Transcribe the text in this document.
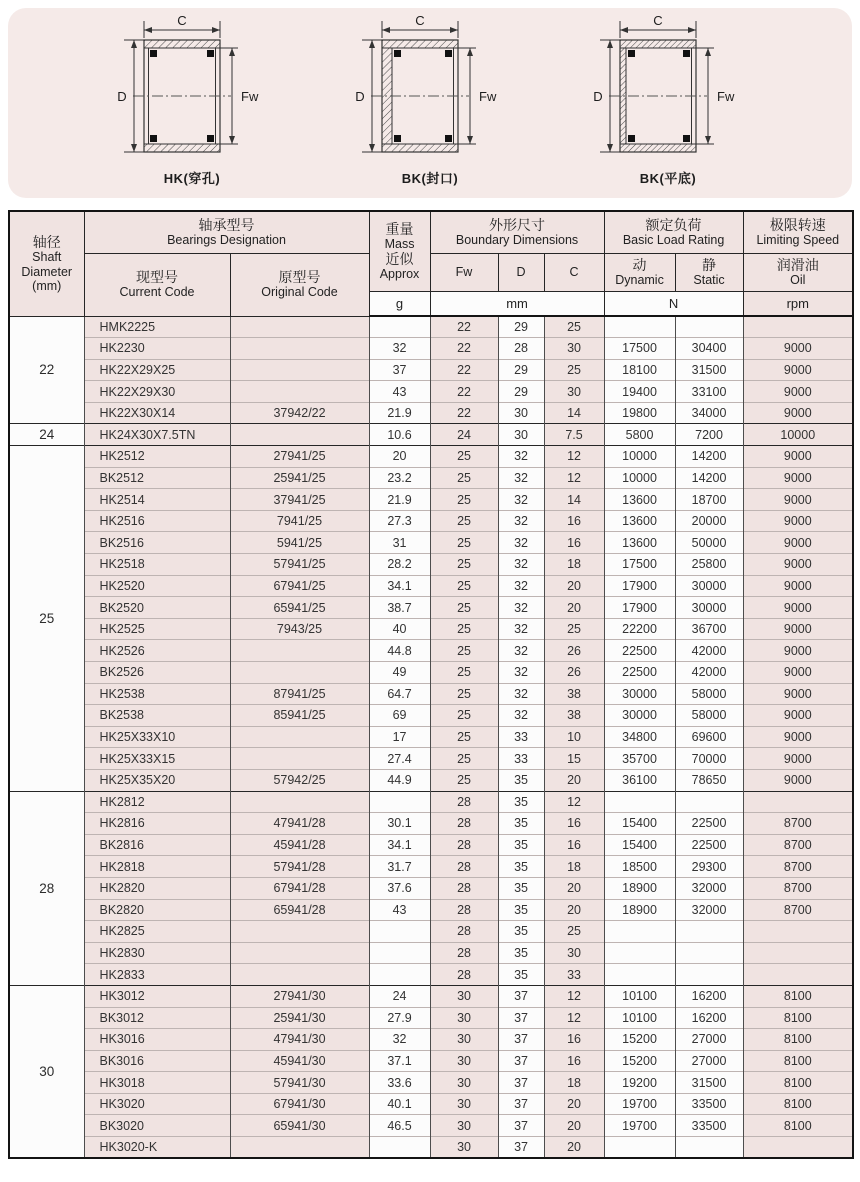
C
D	Fw
HK(穿孔)
C
D	Fw
BK(封口)
C
D	Fw
BK(平底)
轴径
Shaft
Diameter
(mm)

轴承型号
Bearings Designation

重量
Mass
近似
Approx

外形尺寸
Boundary Dimensions

额定负荷
Basic Load Rating

极限转速
Limiting Speed

现型号
Current Code

原型号
Original Code
	Fw	D	C	动
Dynamic

静
Static

润滑油
Oil

			g	mm			N		rpm
22	HMK2225			22	29	25			
	HK2230		32	22	28	30	17500	30400	9000
	HK22X29X25		37	22	29	25	18100	31500	9000
	HK22X29X30		43	22	29	30	19400	33100	9000
	HK22X30X14	37942/22	21.9	22	30	14	19800	34000	9000
24	HK24X30X7.5TN		10.6	24	30	7.5	5800	7200	10000
25	HK2512	27941/25	20	25	32	12	10000	14200	9000
	BK2512	25941/25	23.2	25	32	12	10000	14200	9000
	HK2514	37941/25	21.9	25	32	14	13600	18700	9000
	HK2516	7941/25	27.3	25	32	16	13600	20000	9000
	BK2516	5941/25	31	25	32	16	13600	50000	9000
	HK2518	57941/25	28.2	25	32	18	17500	25800	9000
	HK2520	67941/25	34.1	25	32	20	17900	30000	9000
	BK2520	65941/25	38.7	25	32	20	17900	30000	9000
	HK2525	7943/25	40	25	32	25	22200	36700	9000
	HK2526		44.8	25	32	26	22500	42000	9000
	BK2526		49	25	32	26	22500	42000	9000
	HK2538	87941/25	64.7	25	32	38	30000	58000	9000
	BK2538	85941/25	69	25	32	38	30000	58000	9000
	HK25X33X10		17	25	33	10	34800	69600	9000
	HK25X33X15		27.4	25	33	15	35700	70000	9000
	HK25X35X20	57942/25	44.9	25	35	20	36100	78650	9000
28	HK2812			28	35	12			
	HK2816	47941/28	30.1	28	35	16	15400	22500	8700
	BK2816	45941/28	34.1	28	35	16	15400	22500	8700
	HK2818	57941/28	31.7	28	35	18	18500	29300	8700
	HK2820	67941/28	37.6	28	35	20	18900	32000	8700
	BK2820	65941/28	43	28	35	20	18900	32000	8700
	HK2825			28	35	25			
	HK2830			28	35	30			
	HK2833			28	35	33			
30	HK3012	27941/30	24	30	37	12	10100	16200	8100
	BK3012	25941/30	27.9	30	37	12	10100	16200	8100
	HK3016	47941/30	32	30	37	16	15200	27000	8100
	BK3016	45941/30	37.1	30	37	16	15200	27000	8100
	HK3018	57941/30	33.6	30	37	18	19200	31500	8100
	HK3020	67941/30	40.1	30	37	20	19700	33500	8100
	BK3020	65941/30	46.5	30	37	20	19700	33500	8100
	HK3020-K			30	37	20			
